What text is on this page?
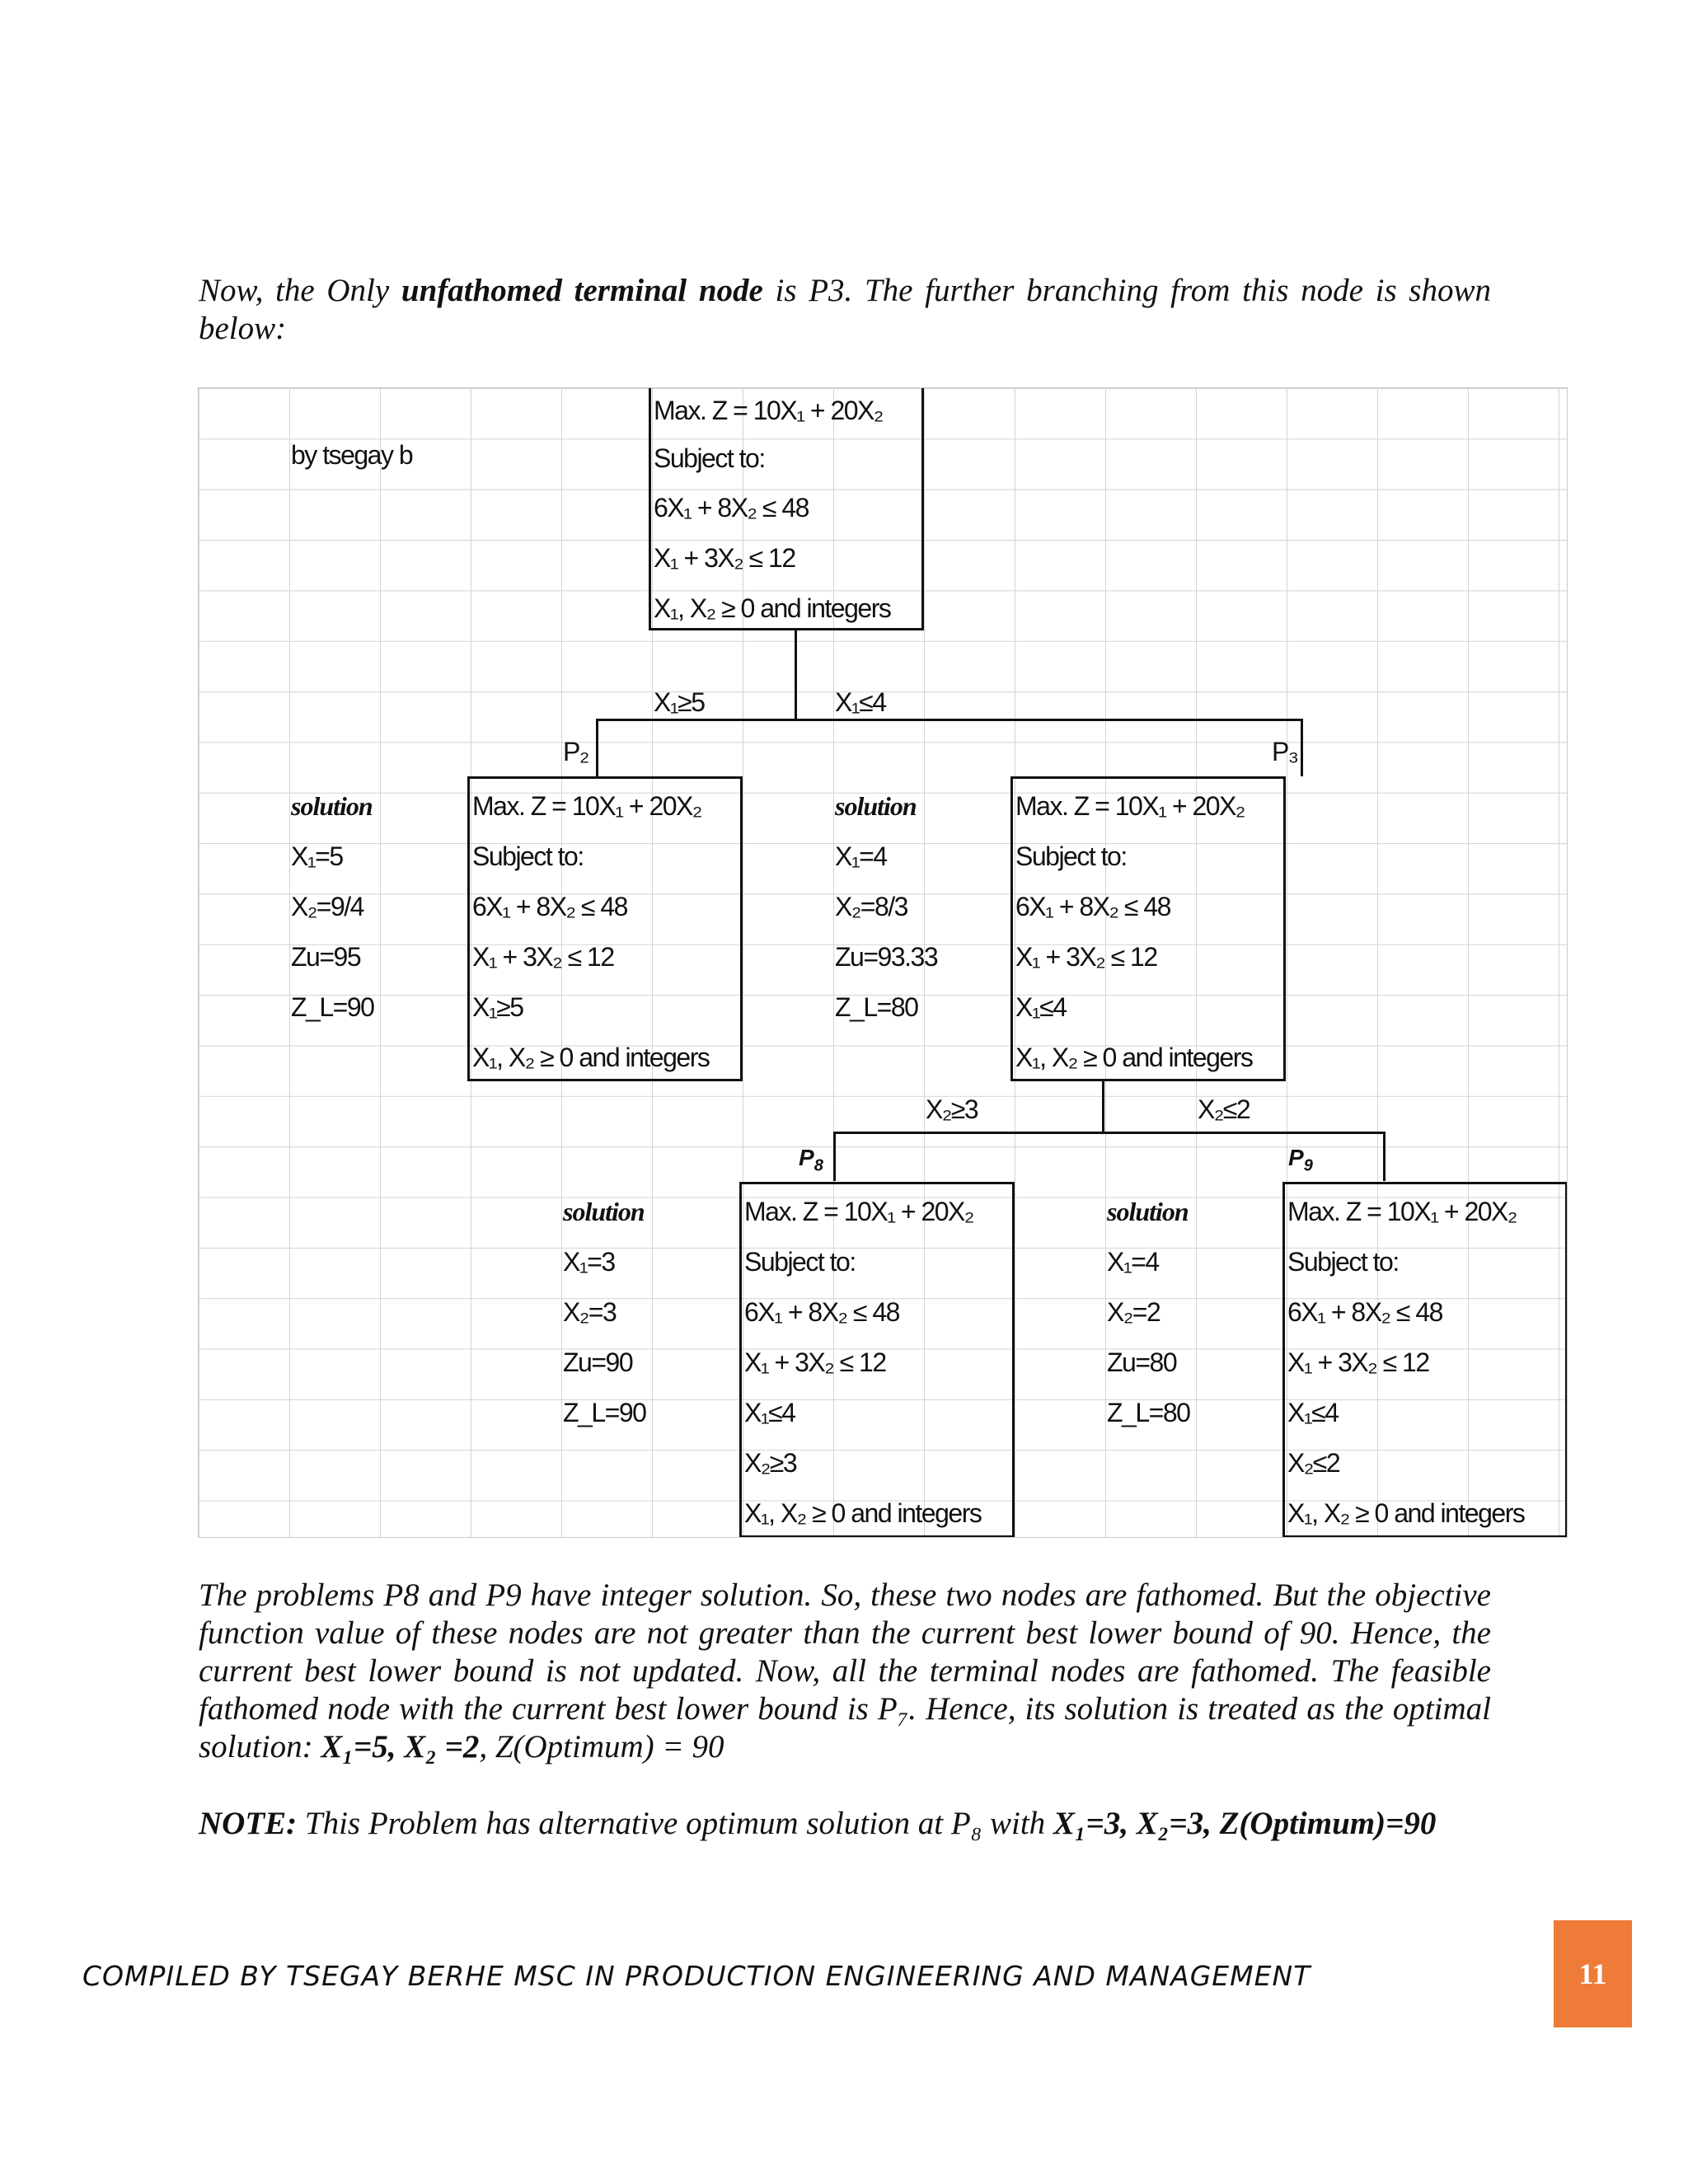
Now, the Only unfathomed terminal node is P3. The further branching from this node is shown below:

by tsegay b
Max. Z = 10X₁ + 20X₂
Subject to:
6X₁ + 8X₂ ≤ 48
X₁ + 3X₂ ≤ 12
X₁, X₂ ≥ 0 and integers
X₁≥5	X₁≤4
P₂	P₃
solution
X₁=5
X₂=9/4
Zu=95
Z_L=90
Max. Z = 10X₁ + 20X₂
Subject to:
6X₁ + 8X₂ ≤ 48
X₁ + 3X₂ ≤ 12
X₁≥5
X₁, X₂ ≥ 0 and integers
solution
X₁=4
X₂=8/3
Zu=93.33
Z_L=80
Max. Z = 10X₁ + 20X₂
Subject to:
6X₁ + 8X₂ ≤ 48
X₁ + 3X₂ ≤ 12
X₁≤4
X₁, X₂ ≥ 0 and integers
X₂≥3	X₂≤2
$P_8$	$P_9$
solution
X₁=3
X₂=3
Zu=90
Z_L=90
Max. Z = 10X₁ + 20X₂
Subject to:
6X₁ + 8X₂ ≤ 48
X₁ + 3X₂ ≤ 12
X₁≤4
X₂≥3
X₁, X₂ ≥ 0 and integers
solution
X₁=4
X₂=2
Zu=80
Z_L=80
Max. Z = 10X₁ + 20X₂
Subject to:
6X₁ + 8X₂ ≤ 48
X₁ + 3X₂ ≤ 12
X₁≤4
X₂≤2
X₁, X₂ ≥ 0 and integers

The problems P8 and P9 have integer solution. So, these two nodes are fathomed. But the objective function value of these nodes are not greater than the current best lower bound of 90. Hence, the current best lower bound is not updated. Now, all the terminal nodes are fathomed. The feasible fathomed node with the current best lower bound is P₇. Hence, its solution is treated as the optimal solution: X₁=5, X₂ =2, Z(Optimum) = 90

NOTE: This Problem has alternative optimum solution at P₈ with X₁=3, X₂=3, Z(Optimum)=90

COMPILED BY TSEGAY BERHE MSC IN PRODUCTION ENGINEERING AND MANAGEMENT	11
